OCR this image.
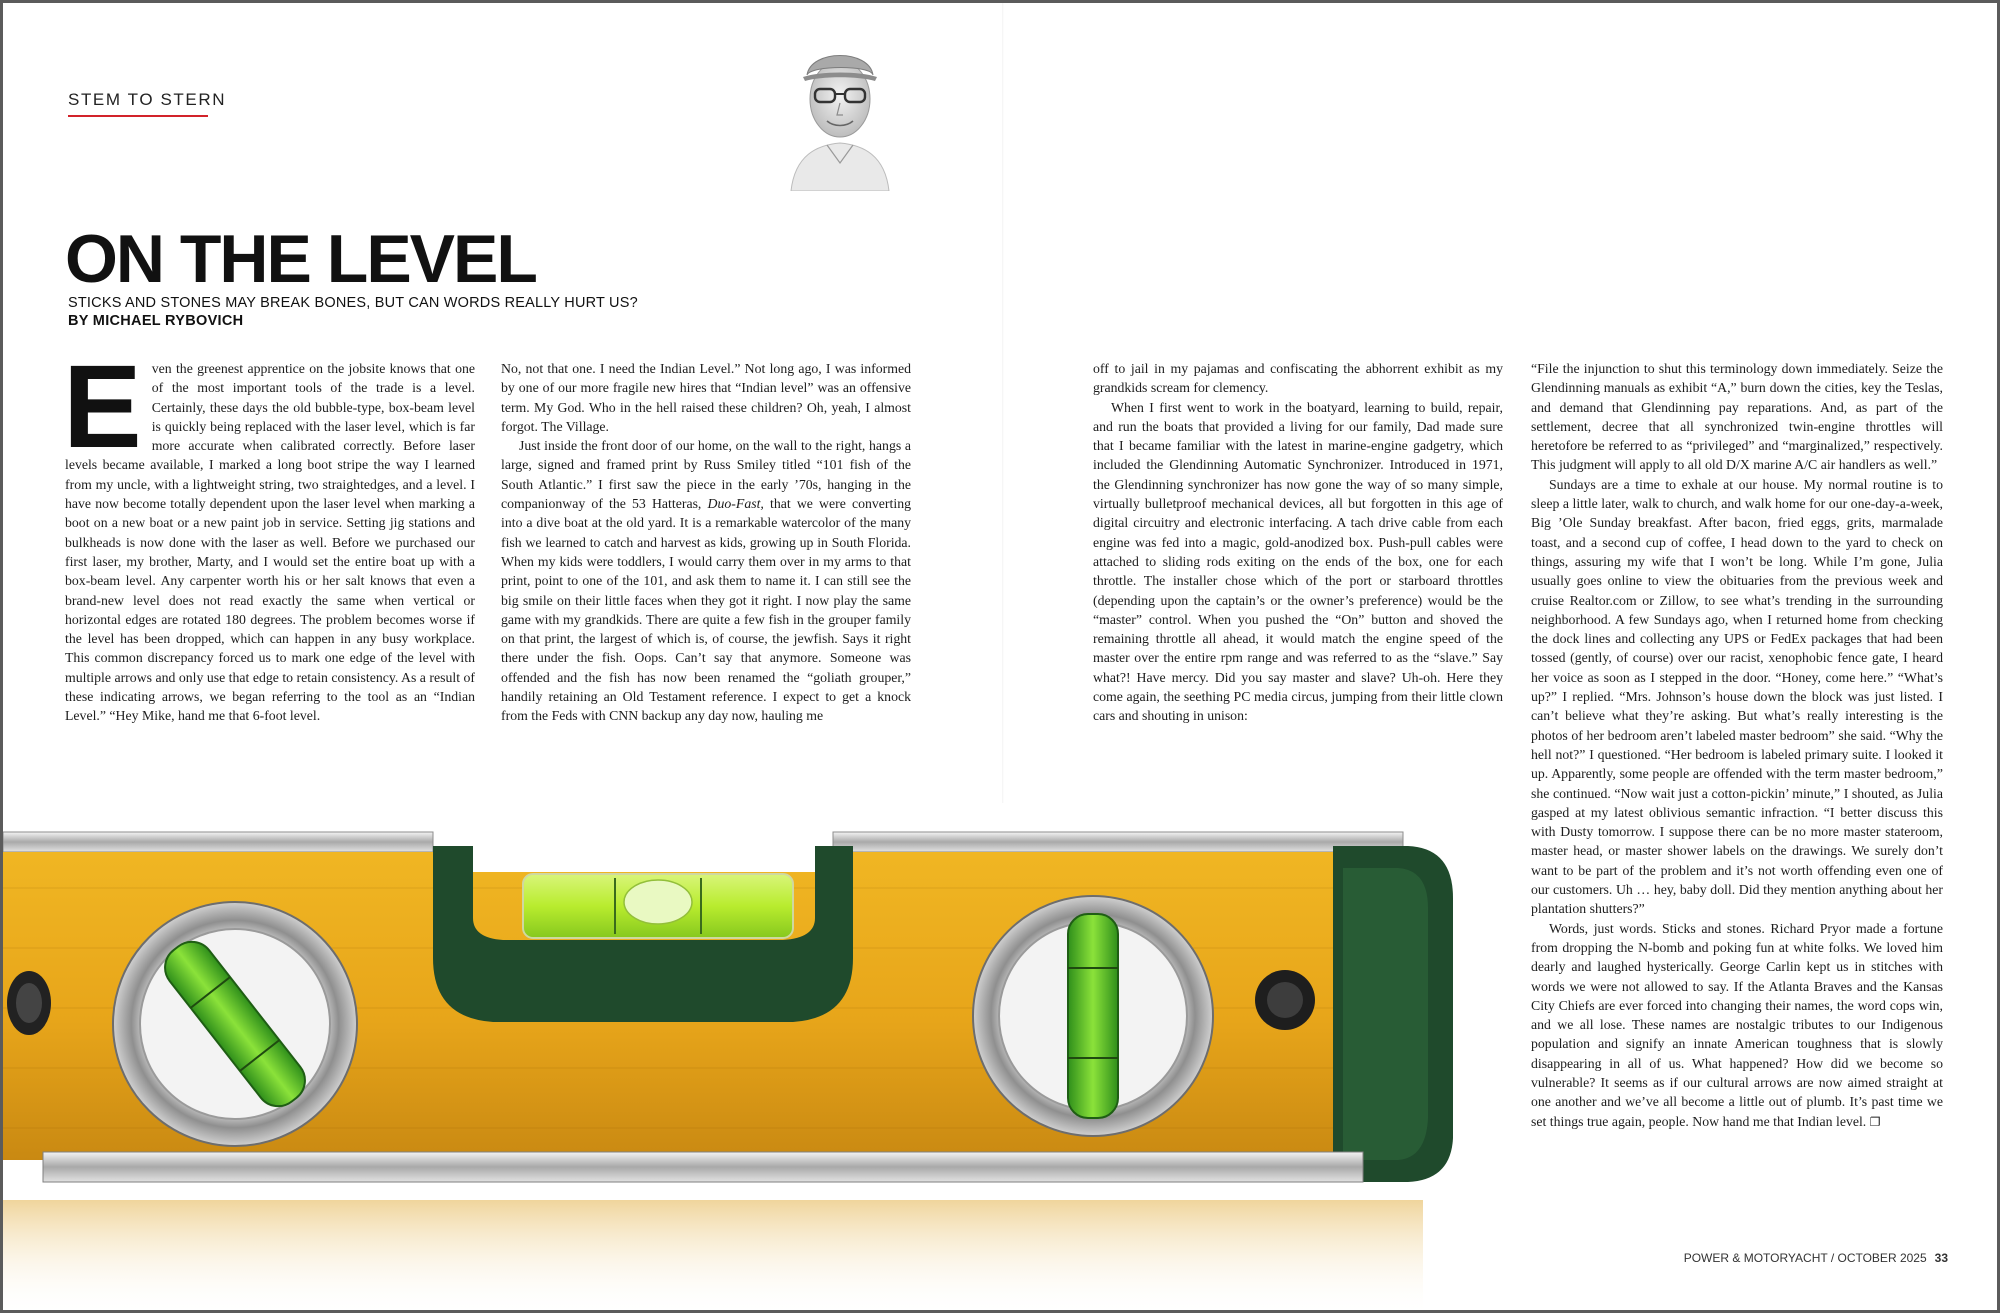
STEM TO STERN
ON THE LEVEL
STICKS AND STONES MAY BREAK BONES, BUT CAN WORDS REALLY HURT US?
BY MICHAEL RYBOVICH

Even the greenest apprentice on the jobsite knows that one of the most important tools of the trade is a level. Certainly, these days the old bubble-type, box-beam level is quickly being replaced with the laser level, which is far more accurate when calibrated correctly. Before laser levels became available, I marked a long boot stripe the way I learned from my uncle, with a lightweight string, two straightedges, and a level. I have now become totally dependent upon the laser level when marking a boot on a new boat or a new paint job in service. Setting jig stations and bulkheads is now done with the laser as well. Before we purchased our first laser, my brother, Marty, and I would set the entire boat up with a box-beam level. Any carpenter worth his or her salt knows that even a brand-new level does not read exactly the same when vertical or horizontal edges are rotated 180 degrees. The problem becomes worse if the level has been dropped, which can happen in any busy workplace. This common discrepancy forced us to mark one edge of the level with multiple arrows and only use that edge to retain consistency. As a result of these indicating arrows, we began referring to the tool as an “Indian Level.” “Hey Mike, hand me that 6-foot level.

No, not that one. I need the Indian Level.” Not long ago, I was informed by one of our more fragile new hires that “Indian level” was an offensive term. My God. Who in the hell raised these children? Oh, yeah, I almost forgot. The Village.

Just inside the front door of our home, on the wall to the right, hangs a large, signed and framed print by Russ Smiley titled “101 fish of the South Atlantic.” I first saw the piece in the early ’70s, hanging in the companionway of the 53 Hatteras, Duo-Fast, that we were converting into a dive boat at the old yard. It is a remarkable watercolor of the many fish we learned to catch and harvest as kids, growing up in South Florida. When my kids were toddlers, I would carry them over in my arms to that print, point to one of the 101, and ask them to name it. I can still see the big smile on their little faces when they got it right. I now play the same game with my grandkids. There are quite a few fish in the grouper family on that print, the largest of which is, of course, the jewfish. Says it right there under the fish. Oops. Can’t say that anymore. Someone was offended and the fish has now been renamed the “goliath grouper,” handily retaining an Old Testament reference. I expect to get a knock from the Feds with CNN backup any day now, hauling me

off to jail in my pajamas and confiscating the abhorrent exhibit as my grandkids scream for clemency.

When I first went to work in the boatyard, learning to build, repair, and run the boats that provided a living for our family, Dad made sure that I became familiar with the latest in marine-engine gadgetry, which included the Glendinning Automatic Synchronizer. Introduced in 1971, the Glendinning synchronizer has now gone the way of so many simple, virtually bulletproof mechanical devices, all but forgotten in this age of digital circuitry and electronic interfacing. A tach drive cable from each engine was fed into a magic, gold-anodized box. Push-pull cables were attached to sliding rods exiting on the ends of the box, one for each throttle. The installer chose which of the port or starboard throttles (depending upon the captain’s or the owner’s preference) would be the “master” control. When you pushed the “On” button and shoved the remaining throttle all ahead, it would match the engine speed of the master over the entire rpm range and was referred to as the “slave.” Say what?! Have mercy. Did you say master and slave? Uh-oh. Here they come again, the seething PC media circus, jumping from their little clown cars and shouting in unison:

“File the injunction to shut this terminology down immediately. Seize the Glendinning manuals as exhibit “A,” burn down the cities, key the Teslas, and demand that Glendinning pay reparations. And, as part of the settlement, decree that all synchronized twin-engine throttles will heretofore be referred to as “privileged” and “marginalized,” respectively. This judgment will apply to all old D/X marine A/C air handlers as well.”

Sundays are a time to exhale at our house. My normal routine is to sleep a little later, walk to church, and walk home for our one-day-a-week, Big ’Ole Sunday breakfast. After bacon, fried eggs, grits, marmalade toast, and a second cup of coffee, I head down to the yard to check on things, assuring my wife that I won’t be long. While I’m gone, Julia usually goes online to view the obituaries from the previous week and cruise Realtor.com or Zillow, to see what’s trending in the surrounding neighborhood. A few Sundays ago, when I returned home from checking the dock lines and collecting any UPS or FedEx packages that had been tossed (gently, of course) over our racist, xenophobic fence gate, I heard her voice as soon as I stepped in the door. “Honey, come here.” “What’s up?” I replied. “Mrs. Johnson’s house down the block was just listed. I can’t believe what they’re asking. But what’s really interesting is the photos of her bedroom aren’t labeled master bedroom” she said. “Why the hell not?” I questioned. “Her bedroom is labeled primary suite. I looked it up. Apparently, some people are offended with the term master bedroom,” she continued. “Now wait just a cotton-pickin’ minute,” I shouted, as Julia gasped at my latest oblivious semantic infraction. “I better discuss this with Dusty tomorrow. I suppose there can be no more master stateroom, master head, or master shower labels on the drawings. We surely don’t want to be part of the problem and it’s not worth offending even one of our customers. Uh … hey, baby doll. Did they mention anything about her plantation shutters?”

Words, just words. Sticks and stones. Richard Pryor made a fortune from dropping the N-bomb and poking fun at white folks. We loved him dearly and laughed hysterically. George Carlin kept us in stitches with words we were not allowed to say. If the Atlanta Braves and the Kansas City Chiefs are ever forced into changing their names, the word cops win, and we all lose. These names are nostalgic tributes to our Indigenous population and signify an innate American toughness that is slowly disappearing in all of us. What happened? How did we become so vulnerable? It seems as if our cultural arrows are now aimed straight at one another and we’ve all become a little out of plumb. It’s past time we set things true again, people. Now hand me that Indian level. ❐

POWER & MOTORYACHT / OCTOBER 2025 33
